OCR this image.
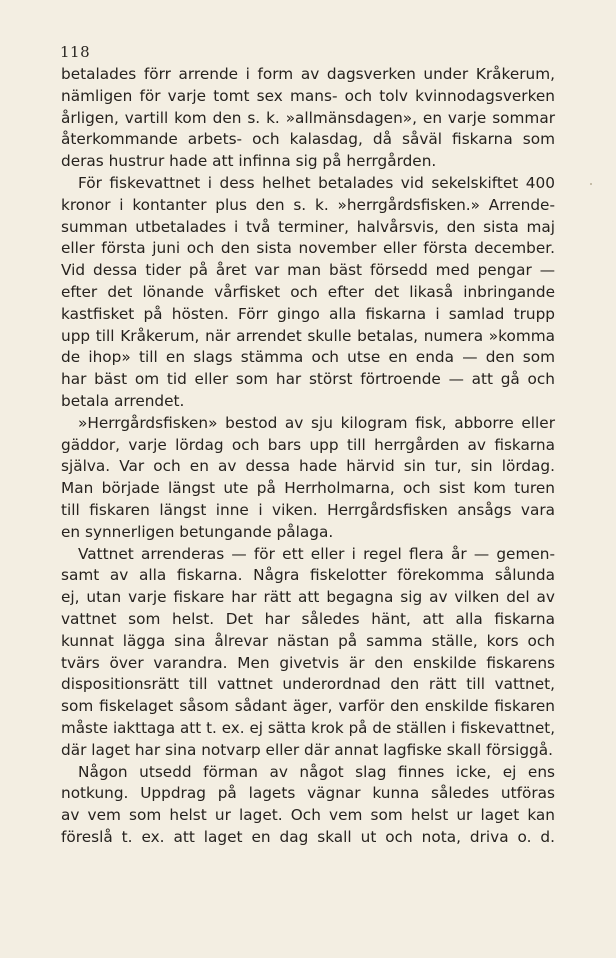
118
betalades förr arrende i form av dagsverken under Kråkerum,
nämligen för varje tomt sex mans- och tolv kvinnodagsverken
årligen, vartill kom den s. k. »allmänsdagen», en varje sommar
återkommande arbets- och kalasdag, då såväl fiskarna som
deras hustrur hade att infinna sig på herrgården.
För fiskevattnet i dess helhet betalades vid sekelskiftet 400
kronor i kontanter plus den s. k. »herrgårdsfisken.» Arrende-
summan utbetalades i två terminer, halvårsvis, den sista maj
eller första juni och den sista november eller första december.
Vid dessa tider på året var man bäst försedd med pengar —
efter det lönande vårfisket och efter det likaså inbringande
kastfisket på hösten. Förr gingo alla fiskarna i samlad trupp
upp till Kråkerum, när arrendet skulle betalas, numera »komma
de ihop» till en slags stämma och utse en enda — den som
har bäst om tid eller som har störst förtroende — att gå och
betala arrendet.
»Herrgårdsfisken» bestod av sju kilogram fisk, abborre eller
gäddor, varje lördag och bars upp till herrgården av fiskarna
själva. Var och en av dessa hade härvid sin tur, sin lördag.
Man började längst ute på Herrholmarna, och sist kom turen
till fiskaren längst inne i viken. Herrgårdsfisken ansågs vara
en synnerligen betungande pålaga.
Vattnet arrenderas — för ett eller i regel flera år — gemen-
samt av alla fiskarna. Några fiskelotter förekomma sålunda
ej, utan varje fiskare har rätt att begagna sig av vilken del av
vattnet som helst. Det har således hänt, att alla fiskarna
kunnat lägga sina ålrevar nästan på samma ställe, kors och
tvärs över varandra. Men givetvis är den enskilde fiskarens
dispositionsrätt till vattnet underordnad den rätt till vattnet,
som fiskelaget såsom sådant äger, varför den enskilde fiskaren
måste iakttaga att t. ex. ej sätta krok på de ställen i fiskevattnet,
där laget har sina notvarp eller där annat lagfiske skall försiggå.
Någon utsedd förman av något slag finnes icke, ej ens
notkung. Uppdrag på lagets vägnar kunna således utföras
av vem som helst ur laget. Och vem som helst ur laget kan
föreslå t. ex. att laget en dag skall ut och nota, driva o. d.
